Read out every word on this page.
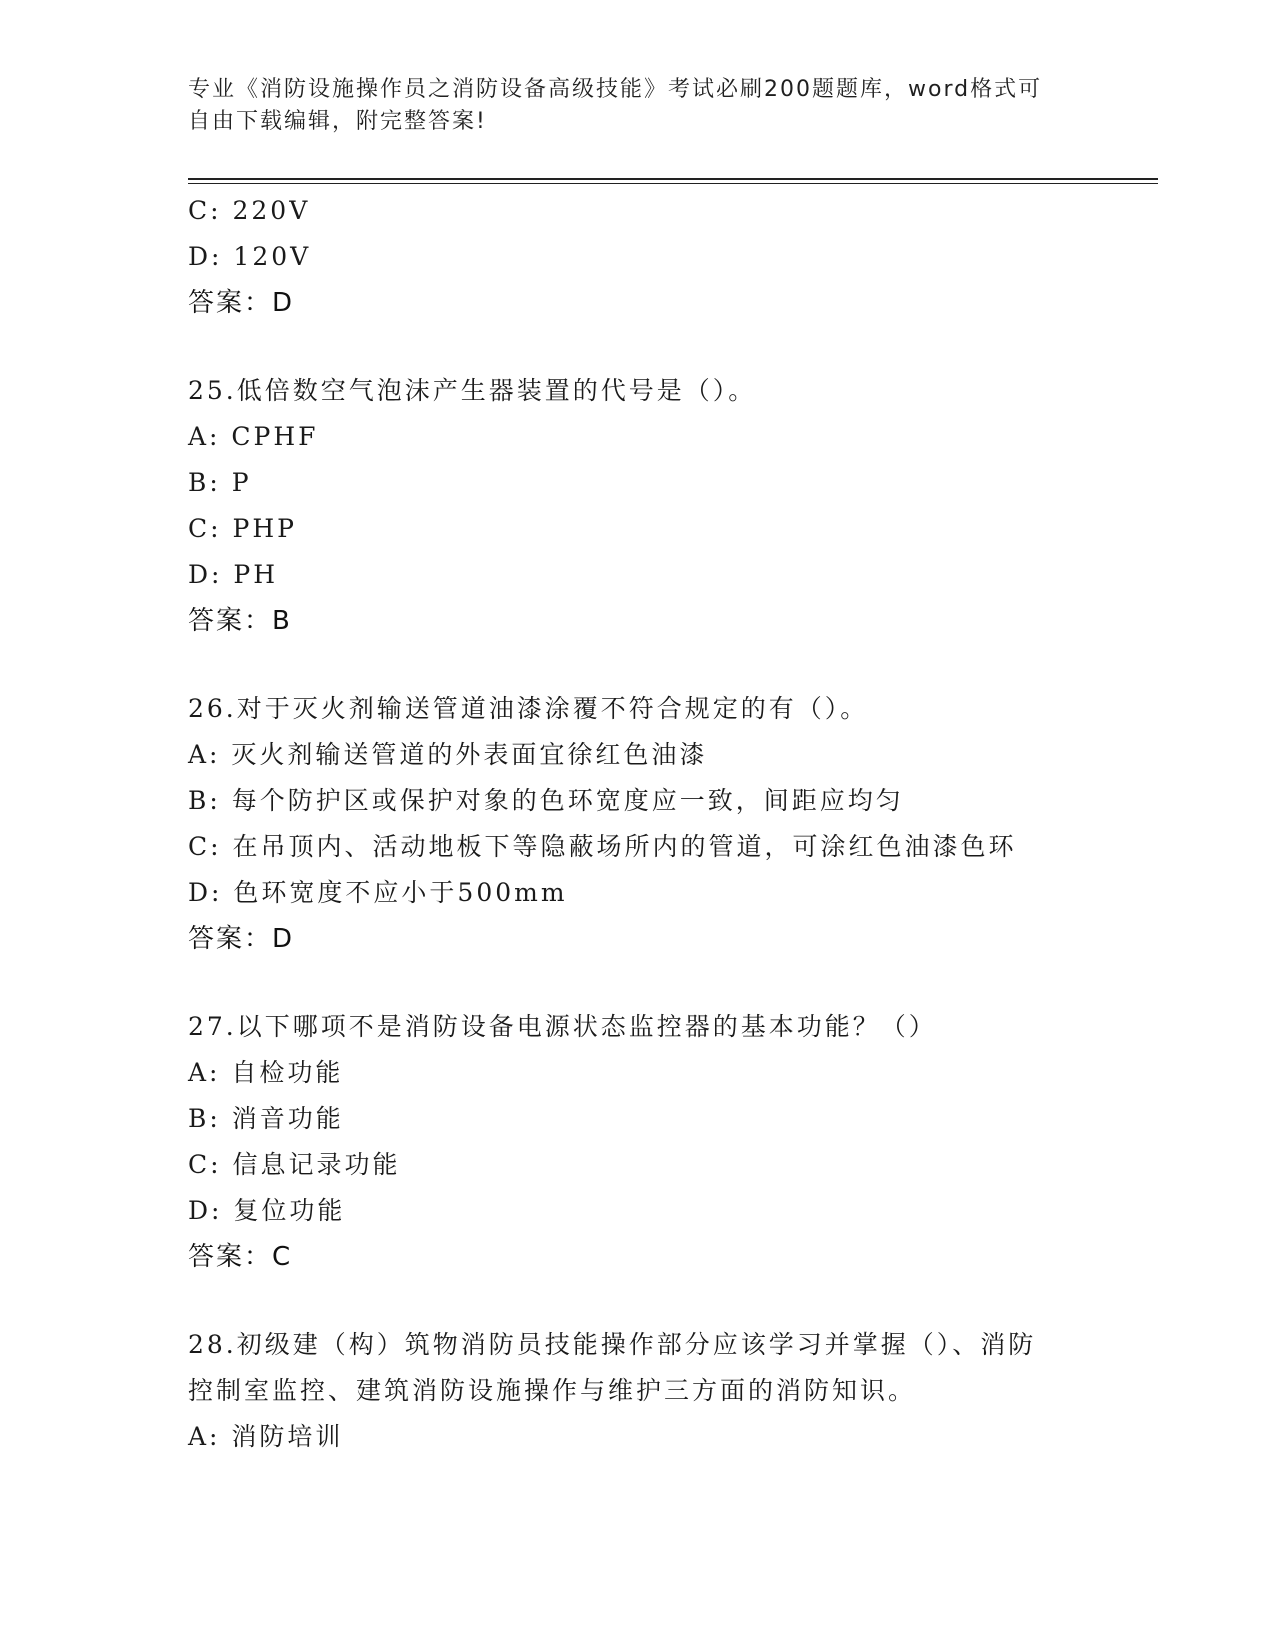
专业《消防设施操作员之消防设备高级技能》考试必刷200题题库，word格式可
自由下载编辑，附完整答案!
C: 220V
D: 120V
答案：D
25.低倍数空气泡沫产生器装置的代号是（）。
A: CPHF
B: P
C: PHP
D: PH
答案：B
26.对于灭火剂输送管道油漆涂覆不符合规定的有（）。
A: 灭火剂输送管道的外表面宜徐红色油漆
B: 每个防护区或保护对象的色环宽度应一致，间距应均匀
C: 在吊顶内、活动地板下等隐蔽场所内的管道，可涂红色油漆色环
D: 色环宽度不应小于500mm
答案：D
27.以下哪项不是消防设备电源状态监控器的基本功能？（）
A: 自检功能
B: 消音功能
C: 信息记录功能
D: 复位功能
答案：C
28.初级建（构）筑物消防员技能操作部分应该学习并掌握（）、消防
控制室监控、建筑消防设施操作与维护三方面的消防知识。
A: 消防培训
